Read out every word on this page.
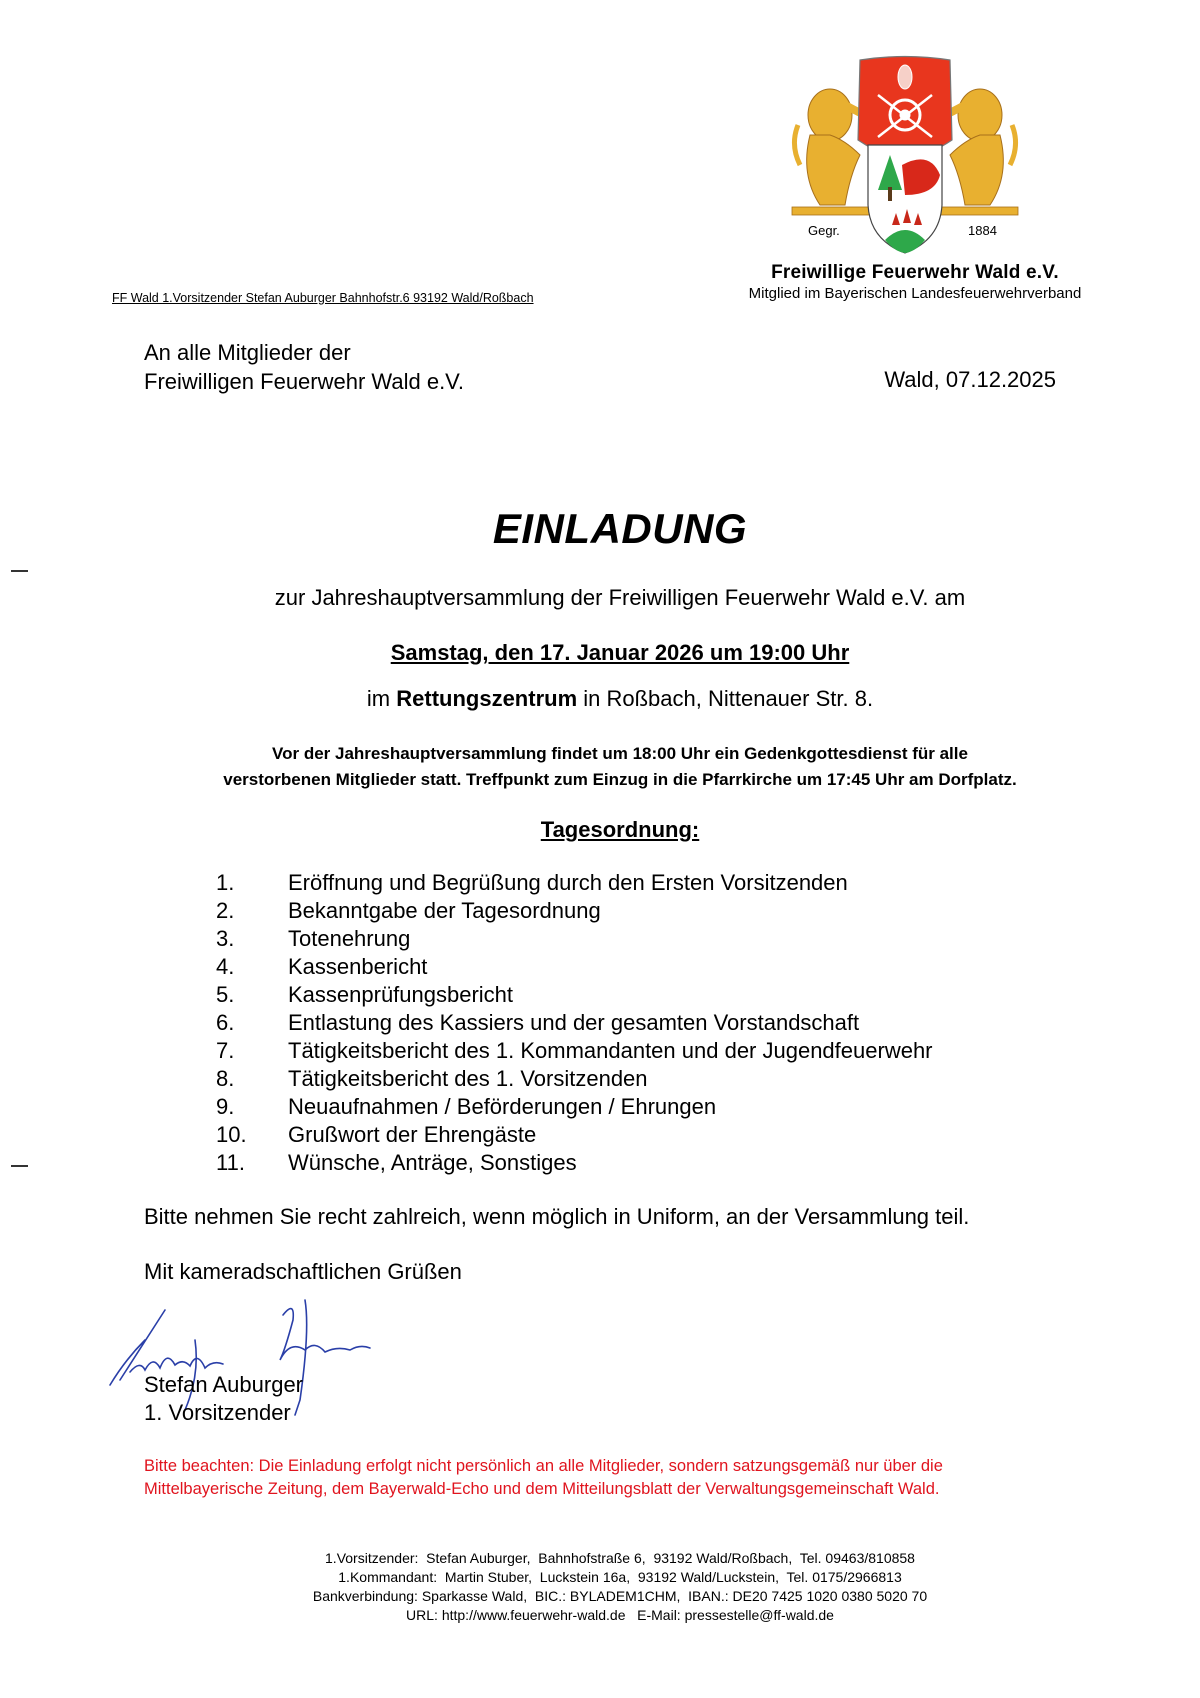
Gegr.	1884
Freiwillige Feuerwehr Wald e.V.
Mitglied im Bayerischen Landesfeuerwehrverband
FF Wald 1.Vorsitzender Stefan Auburger Bahnhofstr.6 93192 Wald/Roßbach
An alle Mitglieder der
Freiwilligen Feuerwehr Wald e.V.	Wald, 07.12.2025
EINLADUNG
zur Jahreshauptversammlung der Freiwilligen Feuerwehr Wald e.V. am
Samstag, den 17. Januar 2026 um 19:00 Uhr
im Rettungszentrum in Roßbach, Nittenauer Str. 8.
Vor der Jahreshauptversammlung findet um 18:00 Uhr ein Gedenkgottesdienst für alle
verstorbenen Mitglieder statt. Treffpunkt zum Einzug in die Pfarrkirche um 17:45 Uhr am Dorfplatz.
Tagesordnung:
1.	Eröffnung und Begrüßung durch den Ersten Vorsitzenden
2.	Bekanntgabe der Tagesordnung
3.	Totenehrung
4.	Kassenbericht
5.	Kassenprüfungsbericht
6.	Entlastung des Kassiers und der gesamten Vorstandschaft
7.	Tätigkeitsbericht des 1. Kommandanten und der Jugendfeuerwehr
8.	Tätigkeitsbericht des 1. Vorsitzenden
9.	Neuaufnahmen / Beförderungen / Ehrungen
10.	Grußwort der Ehrengäste
11.	Wünsche, Anträge, Sonstiges
Bitte nehmen Sie recht zahlreich, wenn möglich in Uniform, an der Versammlung teil.
Mit kameradschaftlichen Grüßen
Stefan Auburger
1. Vorsitzender
Bitte beachten: Die Einladung erfolgt nicht persönlich an alle Mitglieder, sondern satzungsgemäß nur über die
Mittelbayerische Zeitung, dem Bayerwald-Echo und dem Mitteilungsblatt der Verwaltungsgemeinschaft Wald.
1.Vorsitzender:  Stefan Auburger,  Bahnhofstraße 6,  93192 Wald/Roßbach,  Tel. 09463/810858
1.Kommandant:  Martin Stuber,  Luckstein 16a,  93192 Wald/Luckstein,  Tel. 0175/2966813
Bankverbindung: Sparkasse Wald,  BIC.: BYLADEM1CHM,  IBAN.: DE20 7425 1020 0380 5020 70
URL: http://www.feuerwehr-wald.de   E-Mail: pressestelle@ff-wald.de
